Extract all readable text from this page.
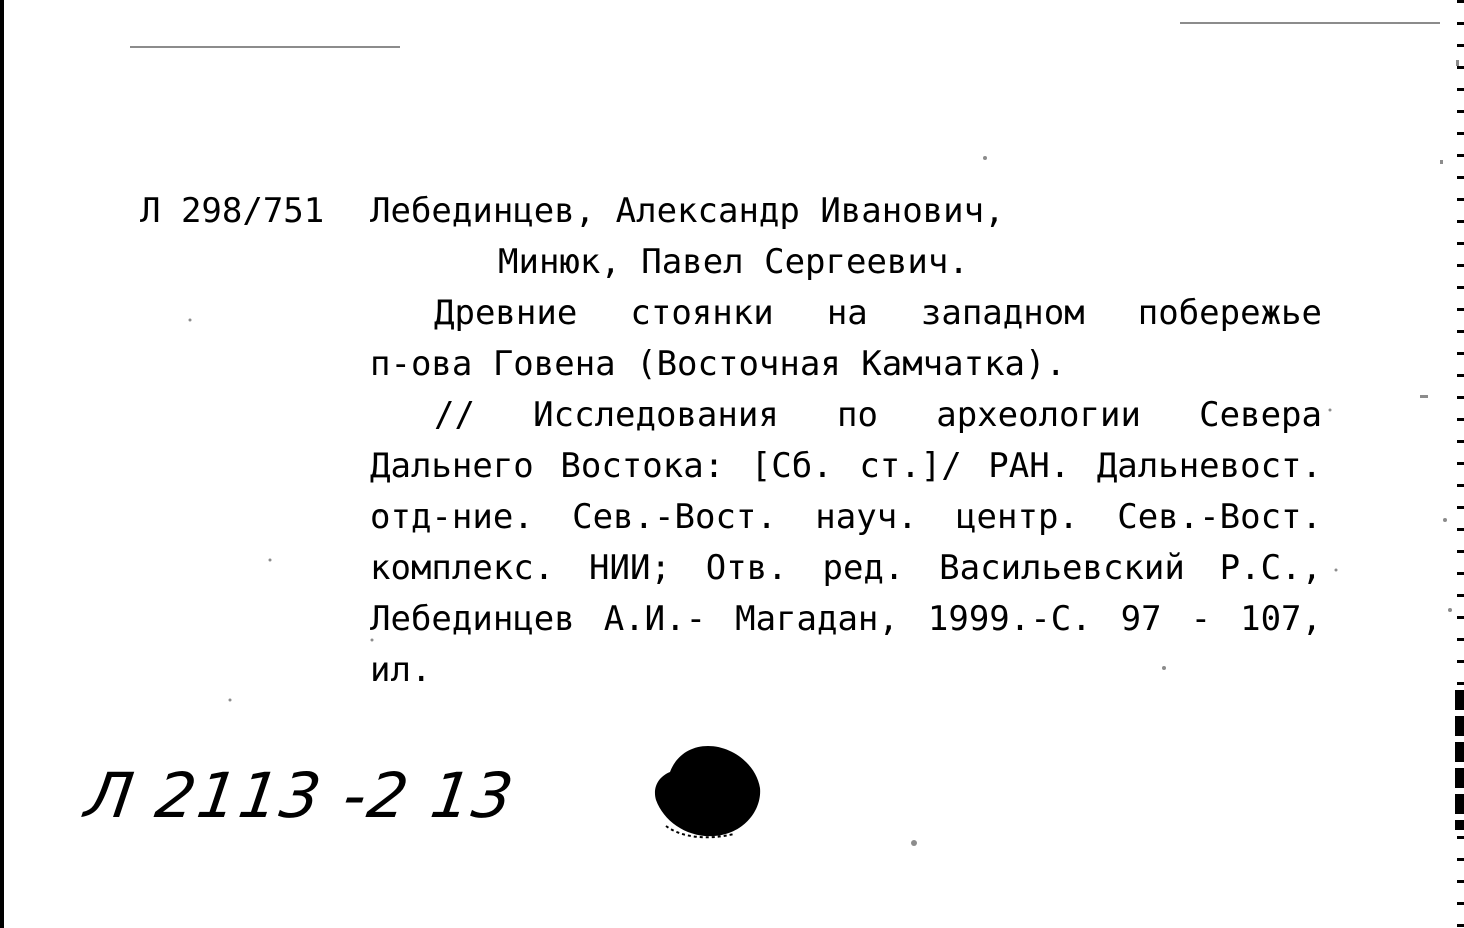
Л 298/751 Лебединцев, Александр Иванович,
Минюк, Павел Сергеевич.
Древние стоянки на западном побережье
п-ова Говена (Восточная Камчатка).
// Исследования по археологии Севера
Дальнего Востока: [Сб. ст.]/ РАН. Дальневост.
отд-ние. Сев.-Вост. науч. центр. Сев.-Вост.
комплекс. НИИ; Отв. ред. Васильевский Р.С.,
Лебединцев А.И.- Магадан, 1999.-С. 97 - 107,
ил.
Л 2113 -2 13
